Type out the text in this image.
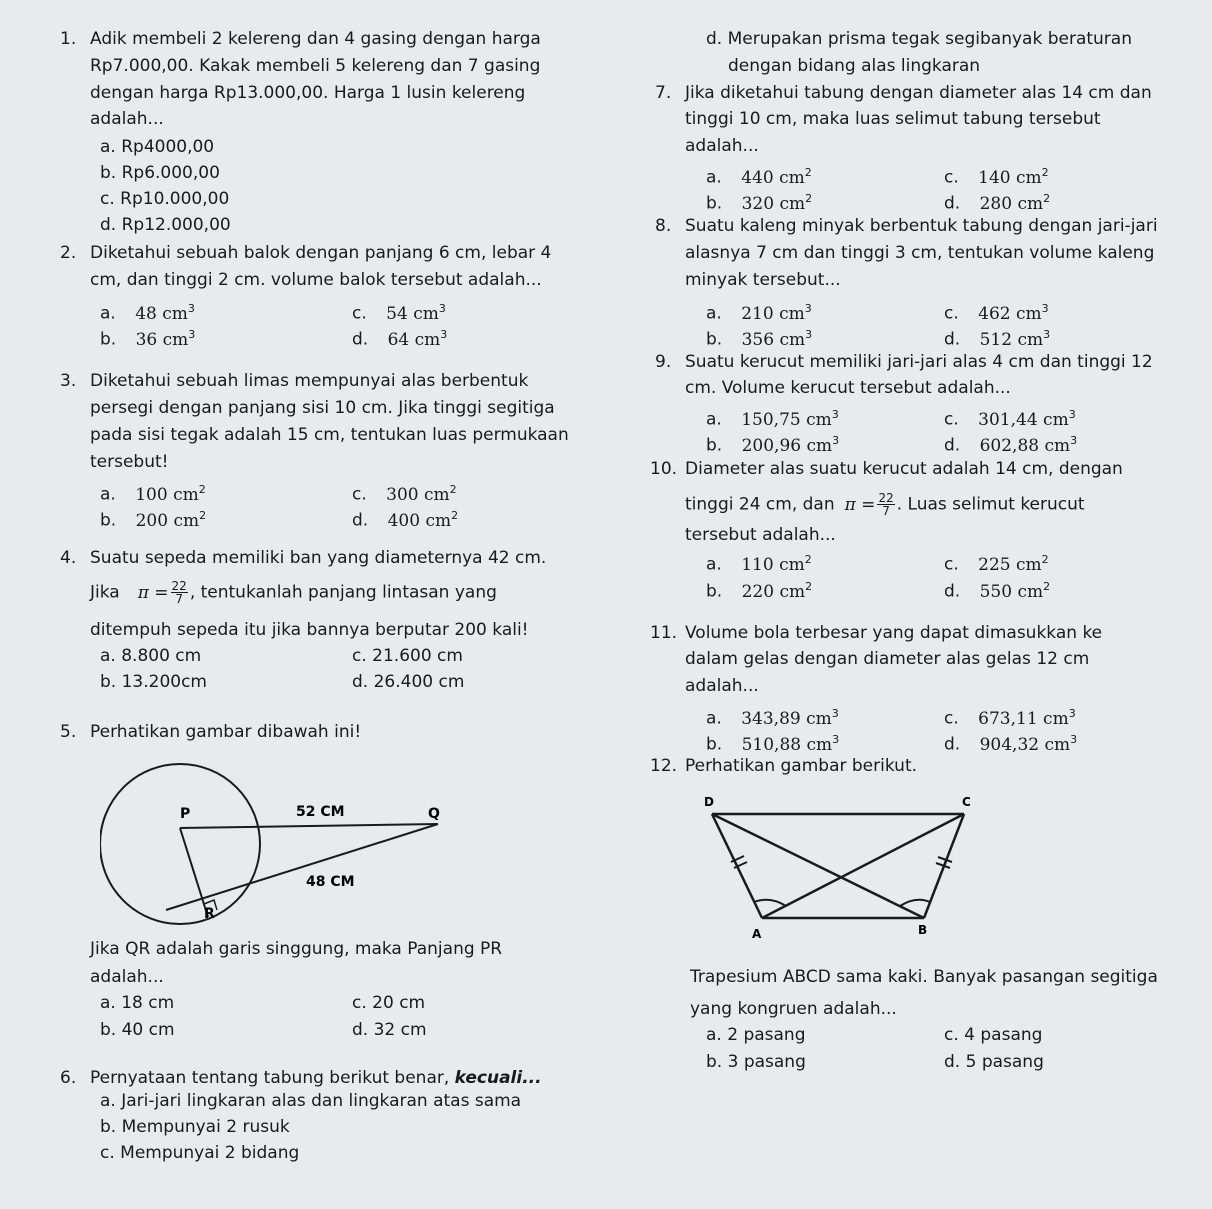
1. Adik membeli 2 kelereng dan 4 gasing dengan harga
Rp7.000,00. Kakak membeli 5 kelereng dan 7 gasing
dengan harga Rp13.000,00. Harga 1 lusin kelereng
adalah...
a. Rp4000,00
b. Rp6.000,00
c. Rp10.000,00
d. Rp12.000,00
2. Diketahui sebuah balok dengan panjang 6 cm, lebar 4
cm, dan tinggi 2 cm. volume balok tersebut adalah...
a. 48 $cm^3$	c. 54 $cm^3$
b. 36 $cm^3$	d. 64 $cm^3$
3. Diketahui sebuah limas mempunyai alas berbentuk
persegi dengan panjang sisi 10 cm. Jika tinggi segitiga
pada sisi tegak adalah 15 cm, tentukan luas permukaan
tersebut!
a. 100 $cm^2$	c. 300 $cm^2$
b. 200 $cm^2$	d. 400 $cm^2$
4. Suatu sepeda memiliki ban yang diameternya 42 cm.
Jika $\pi = \frac{22}{7}$ , tentukanlah panjang lintasan yang
ditempuh sepeda itu jika bannya berputar 200 kali!
a. 8.800 cm	c. 21.600 cm
b. 13.200cm	d. 26.400 cm
5. Perhatikan gambar dibawah ini!
P	Q
R
52 CM
48 CM
Jika QR adalah garis singgung, maka Panjang PR
adalah...
a. 18 cm	c. 20 cm
b. 40 cm	d. 32 cm
6. Pernyataan tentang tabung berikut benar, kecuali...
a. Jari-jari lingkaran alas dan lingkaran atas sama
b. Mempunyai 2 rusuk
c. Mempunyai 2 bidang
d. Merupakan prisma tegak segibanyak beraturan
dengan bidang alas lingkaran
7. Jika diketahui tabung dengan diameter alas 14 cm dan
tinggi 10 cm, maka luas selimut tabung tersebut
adalah...
a. 440 $cm^2$	c. 140 $cm^2$
b. 320 $cm^2$	d. 280 $cm^2$
8. Suatu kaleng minyak berbentuk tabung dengan jari-jari
alasnya 7 cm dan tinggi 3 cm, tentukan volume kaleng
minyak tersebut...
a. 210 $cm^3$	c. 462 $cm^3$
b. 356 $cm^3$	d. 512 $cm^3$
9. Suatu kerucut memiliki jari-jari alas 4 cm dan tinggi 12
cm. Volume kerucut tersebut adalah...
a. 150,75 $cm^3$	c. 301,44 $cm^3$
b. 200,96 $cm^3$	d. 602,88 $cm^3$
10. Diameter alas suatu kerucut adalah 14 cm, dengan
tinggi 24 cm, dan $\pi = \frac{22}{7}$ . Luas selimut kerucut
tersebut adalah...
a. 110 $cm^2$	c. 225 $cm^2$
b. 220 $cm^2$	d. 550 $cm^2$
11. Volume bola terbesar yang dapat dimasukkan ke
dalam gelas dengan diameter alas gelas 12 cm
adalah...
a. 343,89 $cm^3$	c. 673,11 $cm^3$
b. 510,88 $cm^3$	d. 904,32 $cm^3$
12. Perhatikan gambar berikut.
D	C
A	B
Trapesium ABCD sama kaki. Banyak pasangan segitiga
yang kongruen adalah...
a. 2 pasang	c. 4 pasang
b. 3 pasang	d. 5 pasang
